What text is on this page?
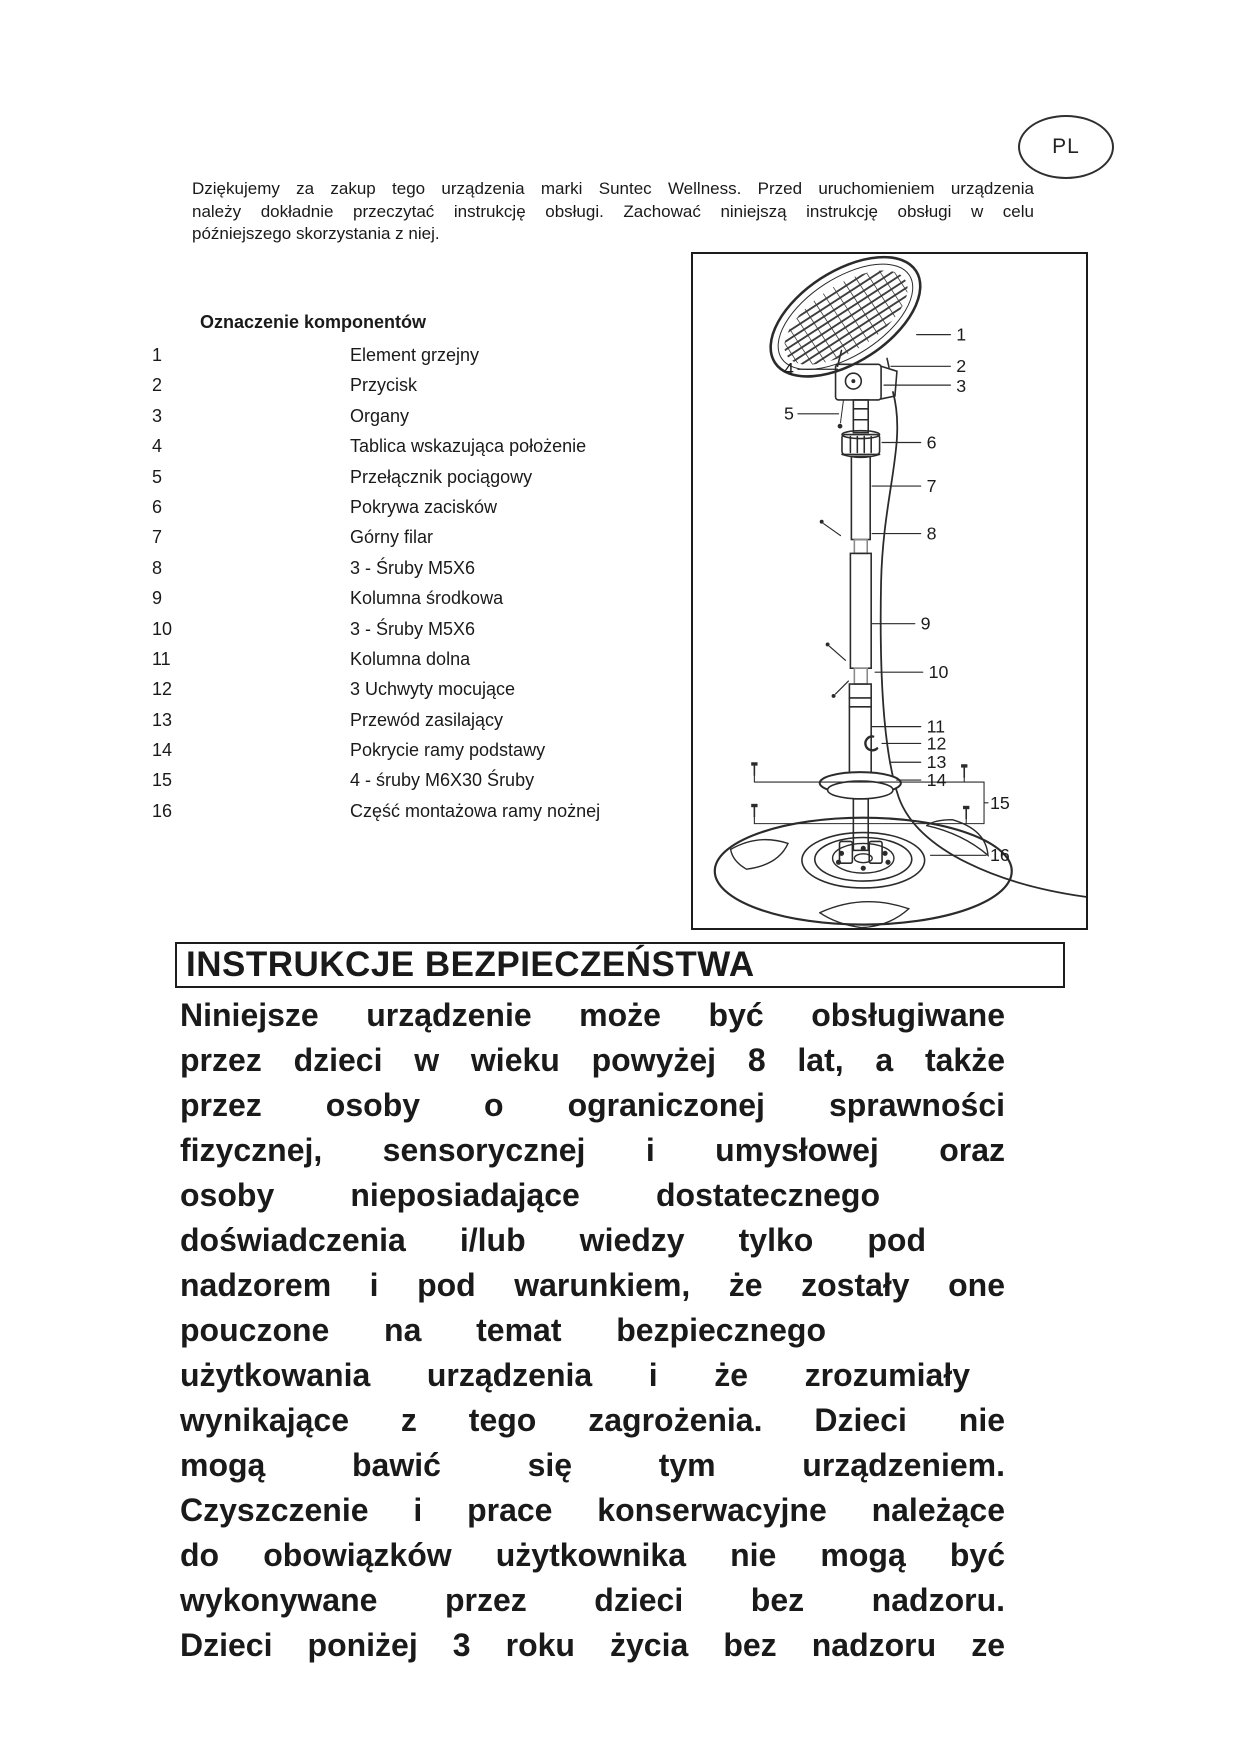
PL
Dziękujemy za zakup tego urządzenia marki Suntec Wellness. Przed uruchomieniem urządzenia
należy dokładnie przeczytać instrukcję obsługi. Zachować niniejszą instrukcję obsługi w celu
późniejszego skorzystania z niej.
Oznaczenie komponentów
1	Element grzejny
2	Przycisk
3	Organy
4	Tablica wskazująca położenie
5	Przełącznik pociągowy
6	Pokrywa zacisków
7	Górny filar
8	3 - Śruby M5X6
9	Kolumna środkowa
10	3 - Śruby M5X6
11	Kolumna dolna
12	3 Uchwyty mocujące
13	Przewód zasilający
14	Pokrycie ramy podstawy
15	4 - śruby M6X30 Śruby
16	Część montażowa ramy nożnej
1
2
3
4
5
6
7
8
9
10
11
12
13
14
15
16
INSTRUKCJE BEZPIECZEŃSTWA
Niniejsze urządzenie może być obsługiwane
przez dzieci w wieku powyżej 8 lat, a także
przez osoby o ograniczonej sprawności
fizycznej, sensorycznej i umysłowej oraz
osoby nieposiadające dostatecznego
doświadczenia i/lub wiedzy tylko pod
nadzorem i pod warunkiem, że zostały one
pouczone na temat bezpiecznego
użytkowania urządzenia i że zrozumiały
wynikające z tego zagrożenia. Dzieci nie
mogą bawić się tym urządzeniem.
Czyszczenie i prace konserwacyjne należące
do obowiązków użytkownika nie mogą być
wykonywane przez dzieci bez nadzoru.
Dzieci poniżej 3 roku życia bez nadzoru ze
